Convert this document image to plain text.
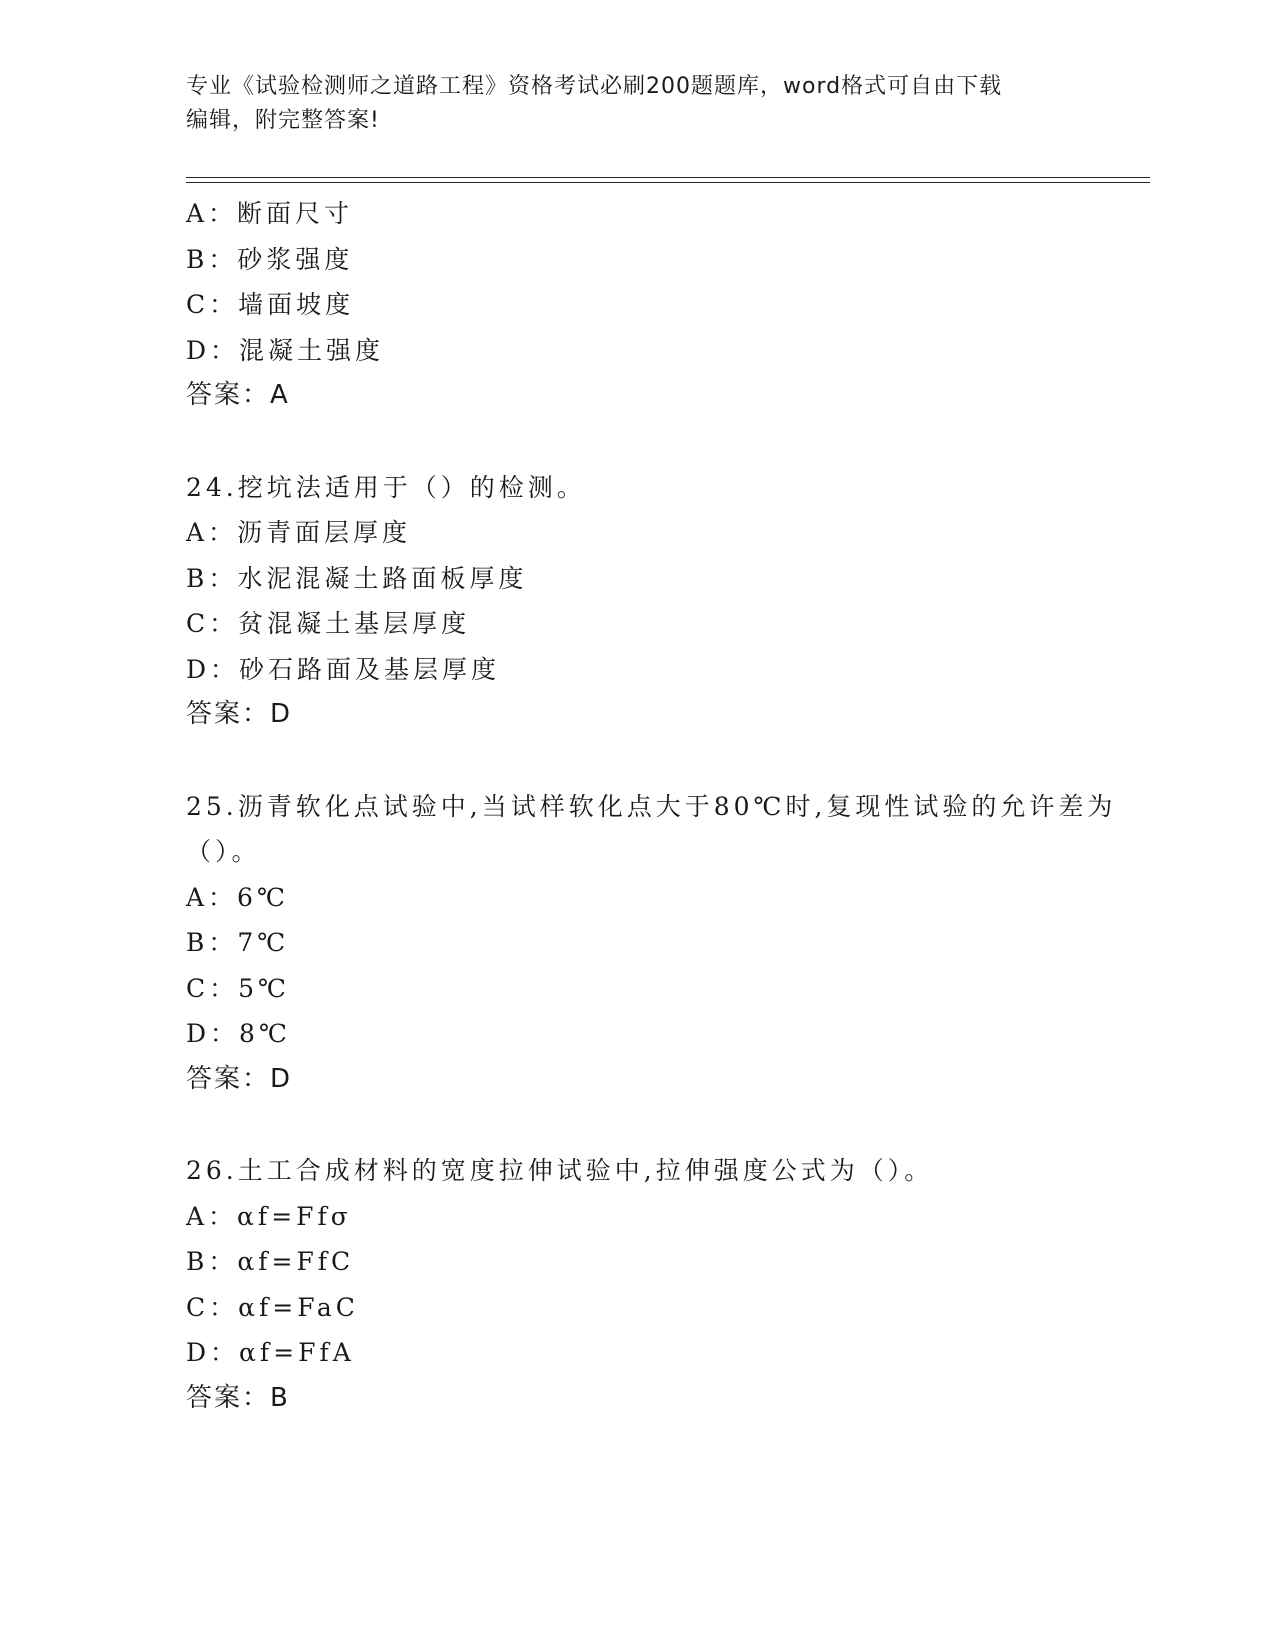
专业《试验检测师之道路工程》资格考试必刷200题题库，word格式可自由下载

编辑，附完整答案!

A：断面尺寸

B：砂浆强度

C：墙面坡度

D：混凝土强度

答案：A

24.挖坑法适用于（）的检测。

A：沥青面层厚度

B：水泥混凝土路面板厚度

C：贫混凝土基层厚度

D：砂石路面及基层厚度

答案：D

25.沥青软化点试验中,当试样软化点大于80℃时,复现性试验的允许差为（）。

A：6℃

B：7℃

C：5℃

D：8℃

答案：D

26.土工合成材料的宽度拉伸试验中,拉伸强度公式为（）。

A：αf=Ffσ

B：αf=FfC

C：αf=FaC

D：αf=FfA

答案：B
